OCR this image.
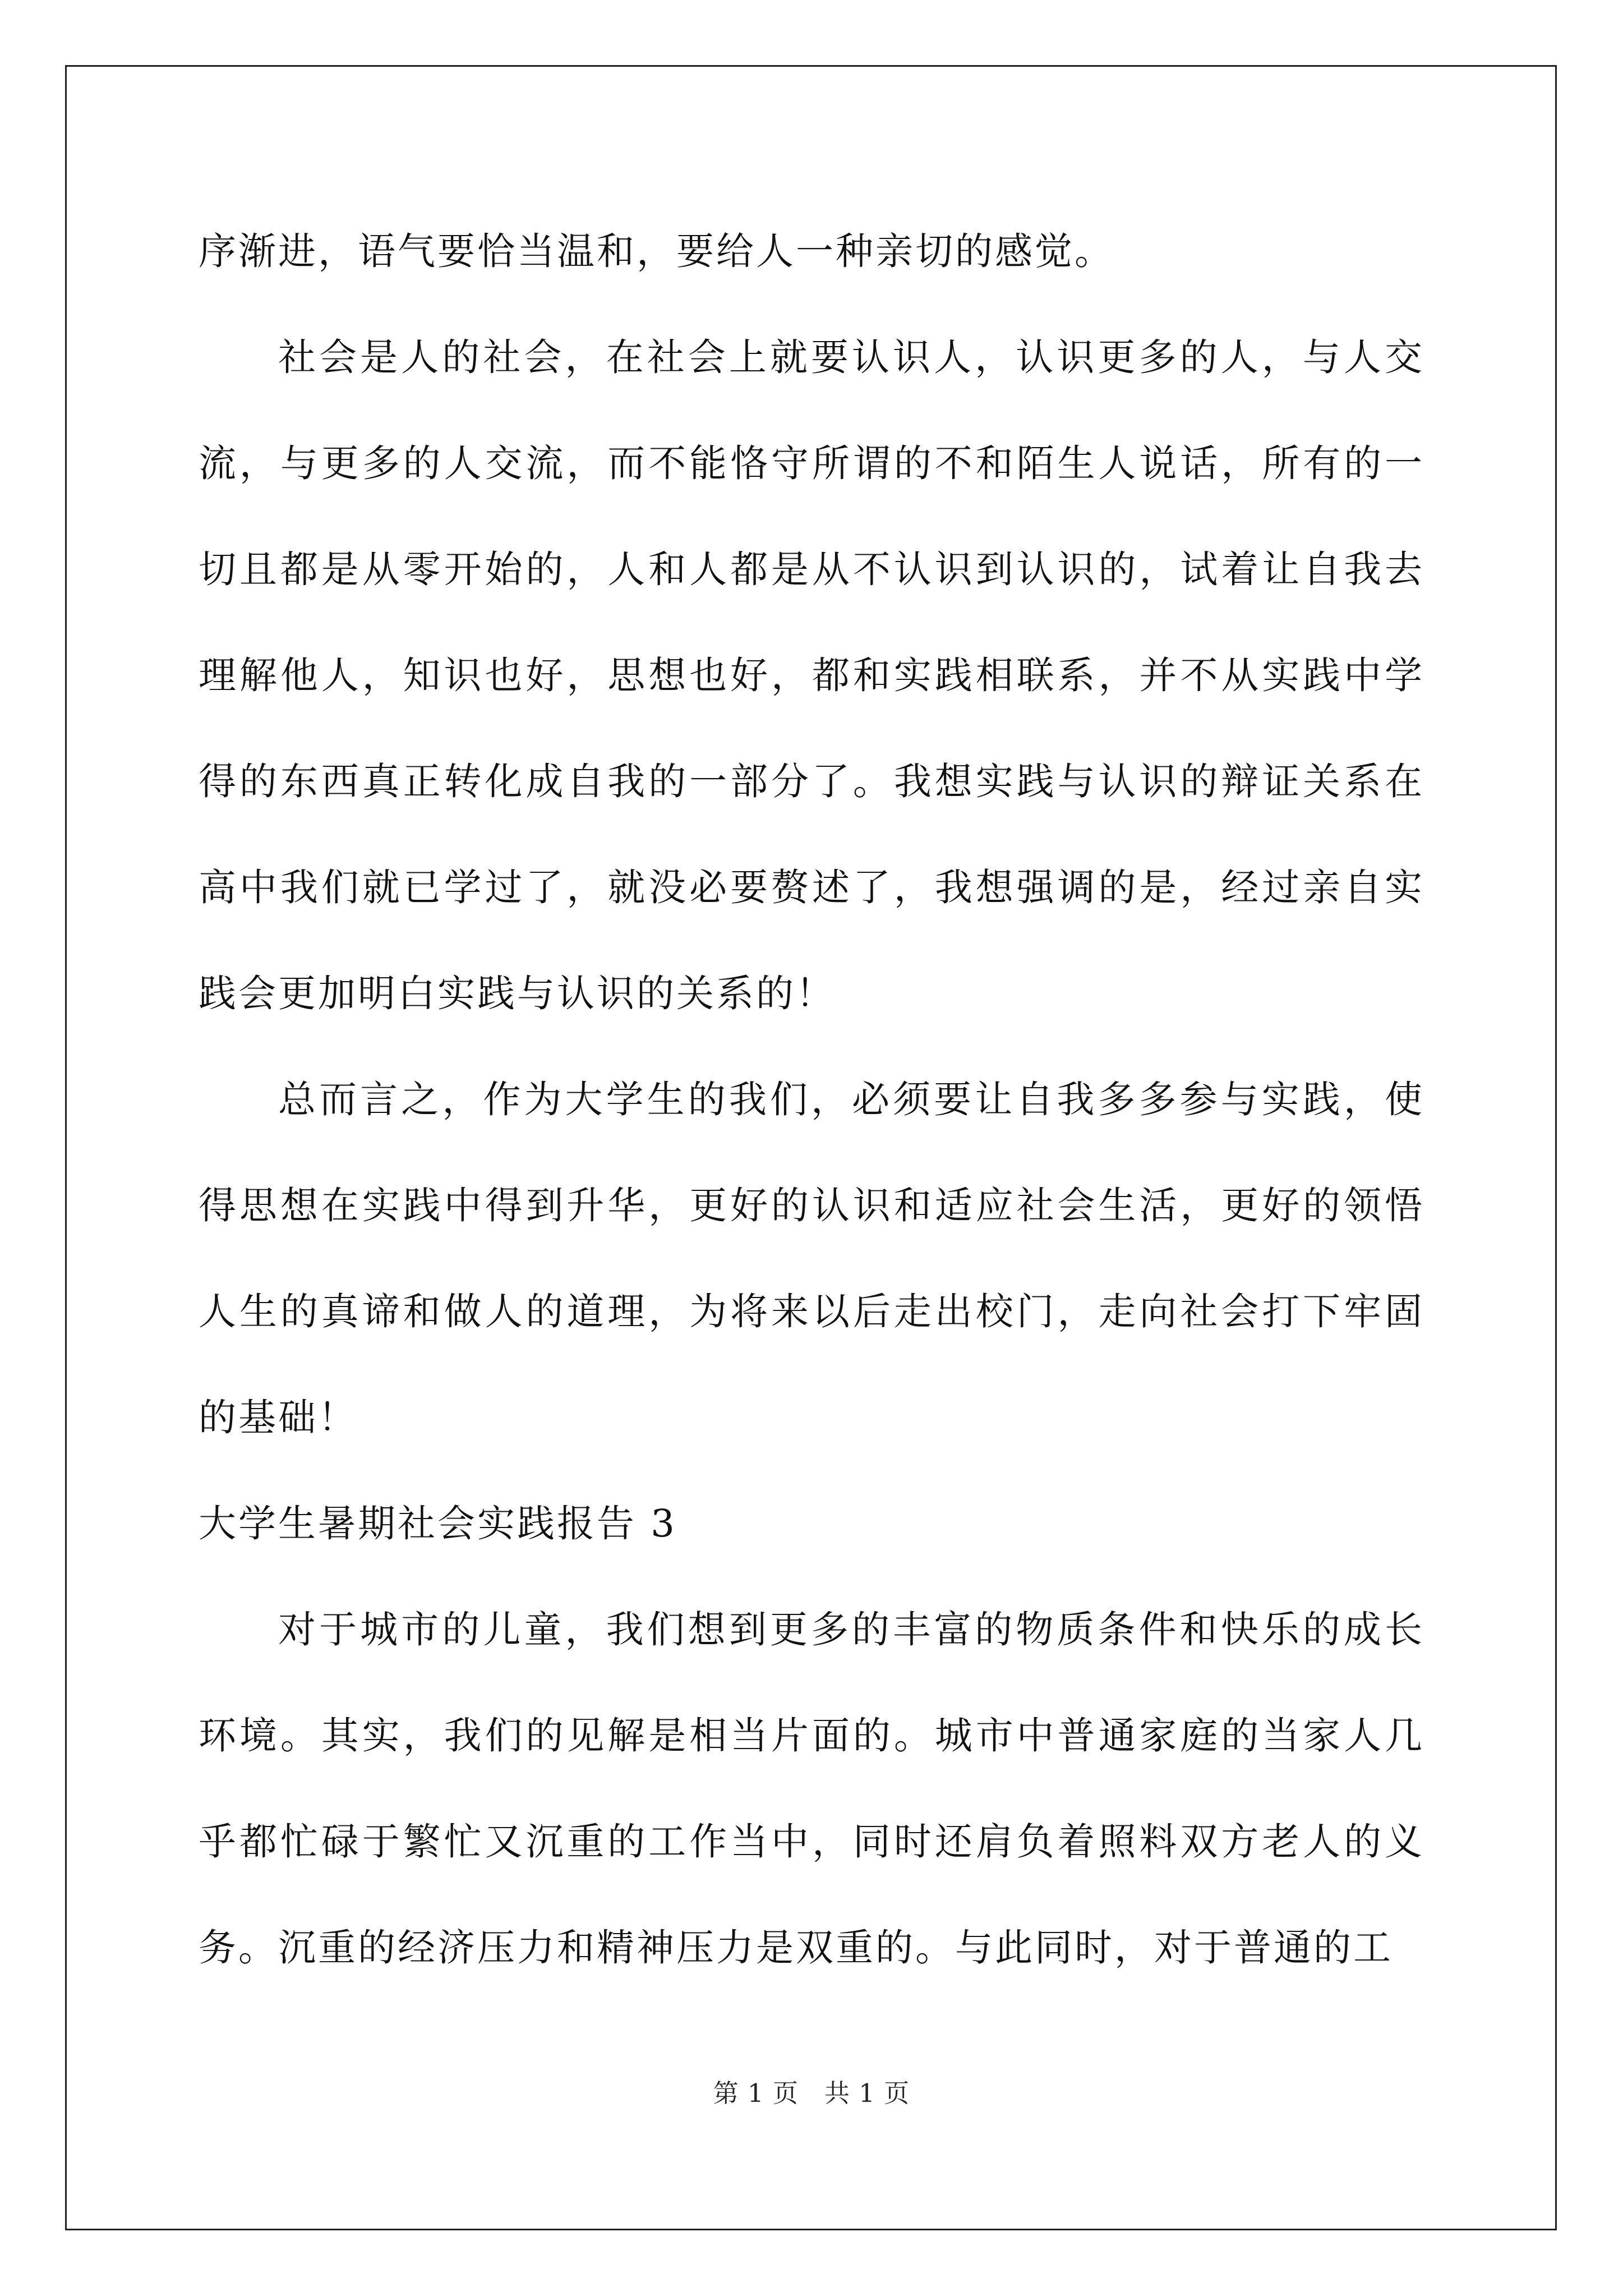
序渐进，语气要恰当温和，要给人一种亲切的感觉。

社会是人的社会，在社会上就要认识人，认识更多的人，与人交流，与更多的人交流，而不能恪守所谓的不和陌生人说话，所有的一切且都是从零开始的，人和人都是从不认识到认识的，试着让自我去理解他人，知识也好，思想也好，都和实践相联系，并不从实践中学得的东西真正转化成自我的一部分了。我想实践与认识的辩证关系在高中我们就已学过了，就没必要赘述了，我想强调的是，经过亲自实践会更加明白实践与认识的关系的！

总而言之，作为大学生的我们，必须要让自我多多参与实践，使得思想在实践中得到升华，更好的认识和适应社会生活，更好的领悟人生的真谛和做人的道理，为将来以后走出校门，走向社会打下牢固的基础！

大学生暑期社会实践报告 3

对于城市的儿童，我们想到更多的丰富的物质条件和快乐的成长环境。其实，我们的见解是相当片面的。城市中普通家庭的当家人几乎都忙碌于繁忙又沉重的工作当中，同时还肩负着照料双方老人的义务。沉重的经济压力和精神压力是双重的。与此同时，对于普通的工

第 1 页　共 1 页
